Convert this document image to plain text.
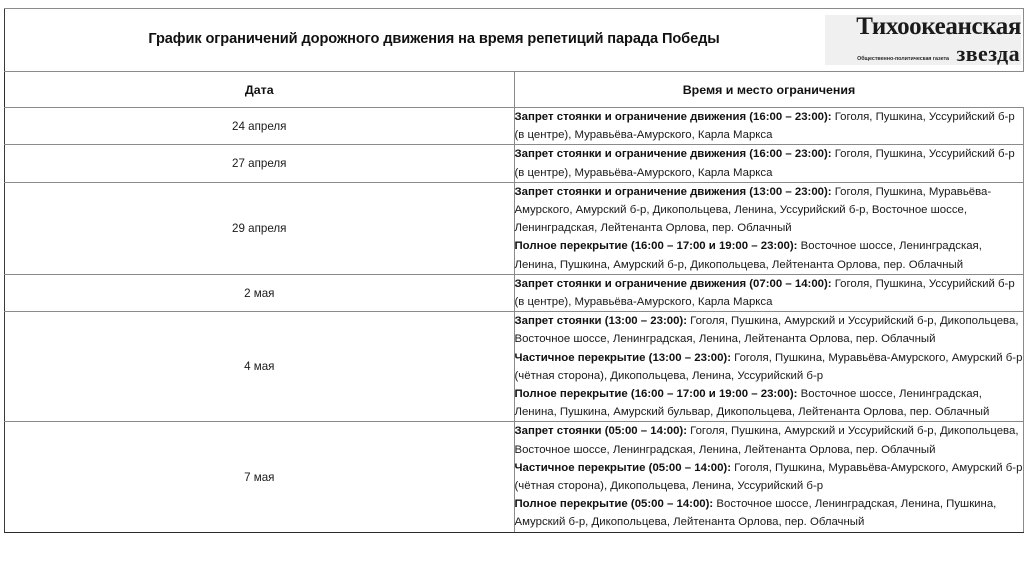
График ограничений дорожного движения на время репетиций парада Победы Тихоокеанская
Общественно-политическая газета звезда	

Дата	Время и место ограничения
24 апреля	Запрет стоянки и ограничение движения (16:00 – 23:00): Гоголя, Пушкина, Уссурийский б-р (в центре), Муравьёва-Амурского, Карла Маркса

27 апреля	Запрет стоянки и ограничение движения (16:00 – 23:00): Гоголя, Пушкина, Уссурийский б-р (в центре), Муравьёва-Амурского, Карла Маркса

29 апреля	Запрет стоянки и ограничение движения (13:00 – 23:00): Гоголя, Пушкина, Муравьёва-Амурского, Амурский б-р, Дикопольцева, Ленина, Уссурийский б-р, Восточное шоссе, Ленинградская, Лейтенанта Орлова, пер. Облачный
Полное перекрытие (16:00 – 17:00 и 19:00 – 23:00): Восточное шоссе, Ленинградская, Ленина, Пушкина, Амурский б-р, Дикопольцева, Лейтенанта Орлова, пер. Облачный

2 мая	Запрет стоянки и ограничение движения (07:00 – 14:00): Гоголя, Пушкина, Уссурийский б-р (в центре), Муравьёва-Амурского, Карла Маркса

4 мая	Запрет стоянки (13:00 – 23:00): Гоголя, Пушкина, Амурский и Уссурийский б-р, Дикопольцева, Восточное шоссе, Ленинградская, Ленина, Лейтенанта Орлова, пер. Облачный
Частичное перекрытие (13:00 – 23:00): Гоголя, Пушкина, Муравьёва-Амурского, Амурский б-р (чётная сторона), Дикопольцева, Ленина, Уссурийский б-р
Полное перекрытие (16:00 – 17:00 и 19:00 – 23:00): Восточное шоссе, Ленинградская, Ленина, Пушкина, Амурский бульвар, Дикопольцева, Лейтенанта Орлова, пер. Облачный

7 мая	Запрет стоянки (05:00 – 14:00): Гоголя, Пушкина, Амурский и Уссурийский б-р, Дикопольцева, Восточное шоссе, Ленинградская, Ленина, Лейтенанта Орлова, пер. Облачный
Частичное перекрытие (05:00 – 14:00): Гоголя, Пушкина, Муравьёва-Амурского, Амурский б-р (чётная сторона), Дикопольцева, Ленина, Уссурийский б-р
Полное перекрытие (05:00 – 14:00): Восточное шоссе, Ленинградская, Ленина, Пушкина, Амурский б-р, Дикопольцева, Лейтенанта Орлова, пер. Облачный
